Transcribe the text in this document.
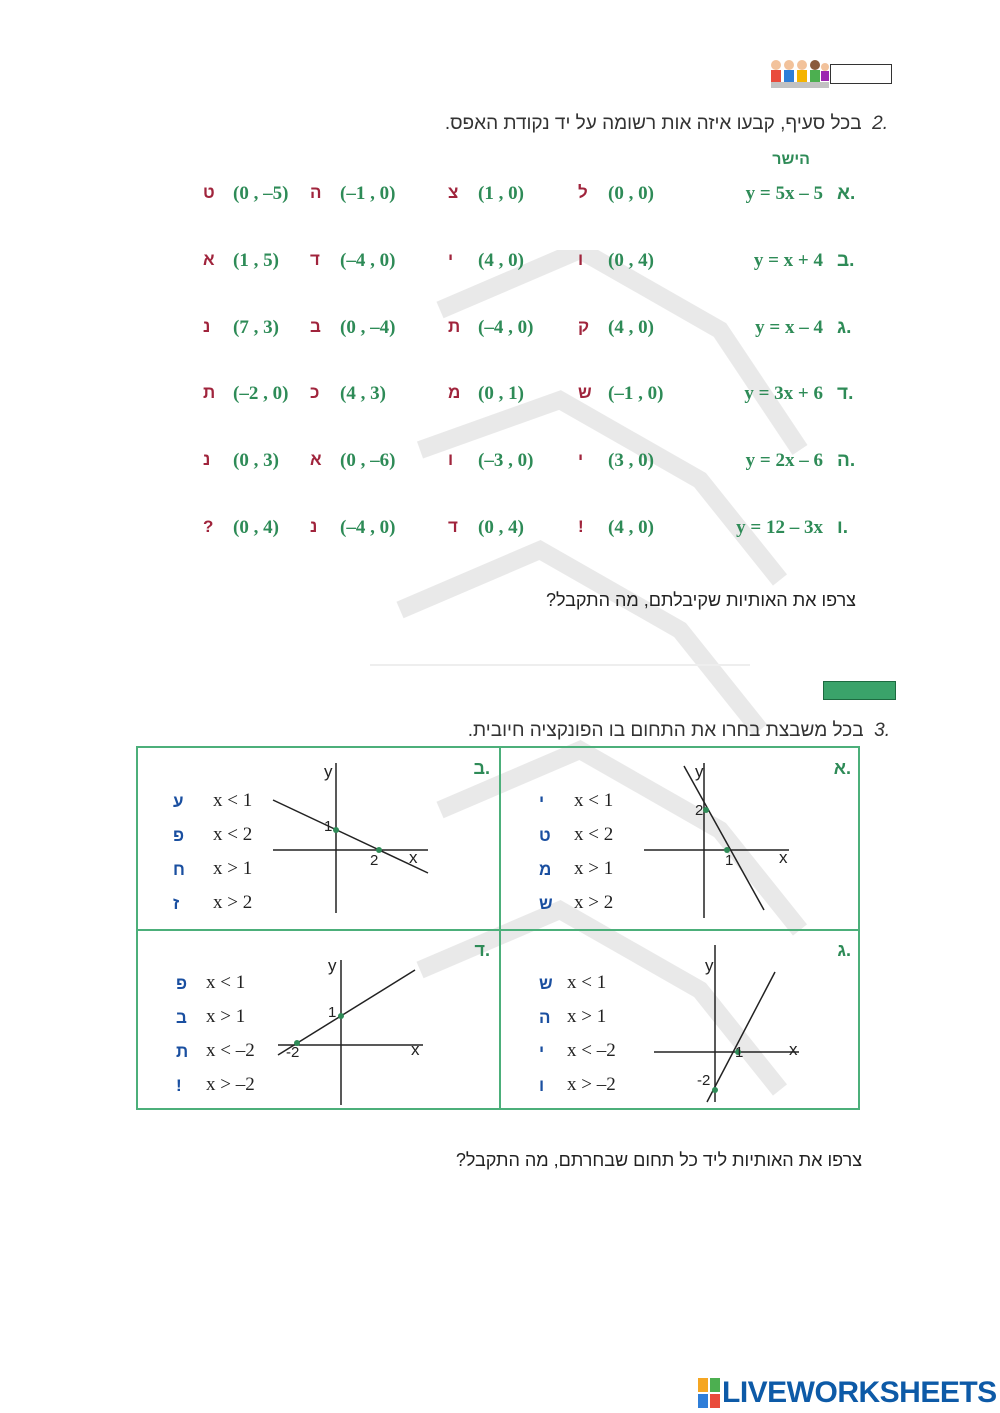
.2  בכל סעיף, קבעו איזה אות רשומה על יד נקודת האפס.
הישר
א.
y = 5x – 5
ל (0 , 0)
צ (1 , 0)
ה (–1 , 0)
ט (0 , –5)
ב.
y = x + 4
ו (0 , 4)
י (4 , 0)
ד (–4 , 0)
א (1 , 5)
ג.
y = x – 4
ק (4 , 0)
ת (–4 , 0)
ב (0 , –4)
נ (7 , 3)
ד.
y = 3x + 6
ש (–1 , 0)
מ (0 , 1)
כ (4 , 3)
ת (–2 , 0)
ה.
y = 2x – 6
י (3 , 0)
ו (–3 , 0)
א (0 , –6)
נ (0 , 3)
ו.
y = 12 – 3x
! (4 , 0)
ד (0 , 4)
נ (–4 , 0)
? (0 , 4)
צרפו את האותיות שקיבלתם, מה התקבל?
.3  בכל משבצת בחרו את התחום בו הפונקציה חיובית.
א.
x < 1
י
x < 2
ט
x > 1
מ
x > 2
ש
y
x
2
1
ב.
x < 1
ע
x < 2
פ
x > 1
ח
x > 2
ז
y
x
1
2
ג.
x < 1
ש
x > 1
ה
x < –2
י
x > –2
ו
y
x
1
-2
ד.
x < 1
פ
x > 1
ב
x < –2
ת
x > –2
!
y
x
1
-2
צרפו את האותיות ליד כל תחום שבחרתם, מה התקבל?
LIVEWORKSHEETS
